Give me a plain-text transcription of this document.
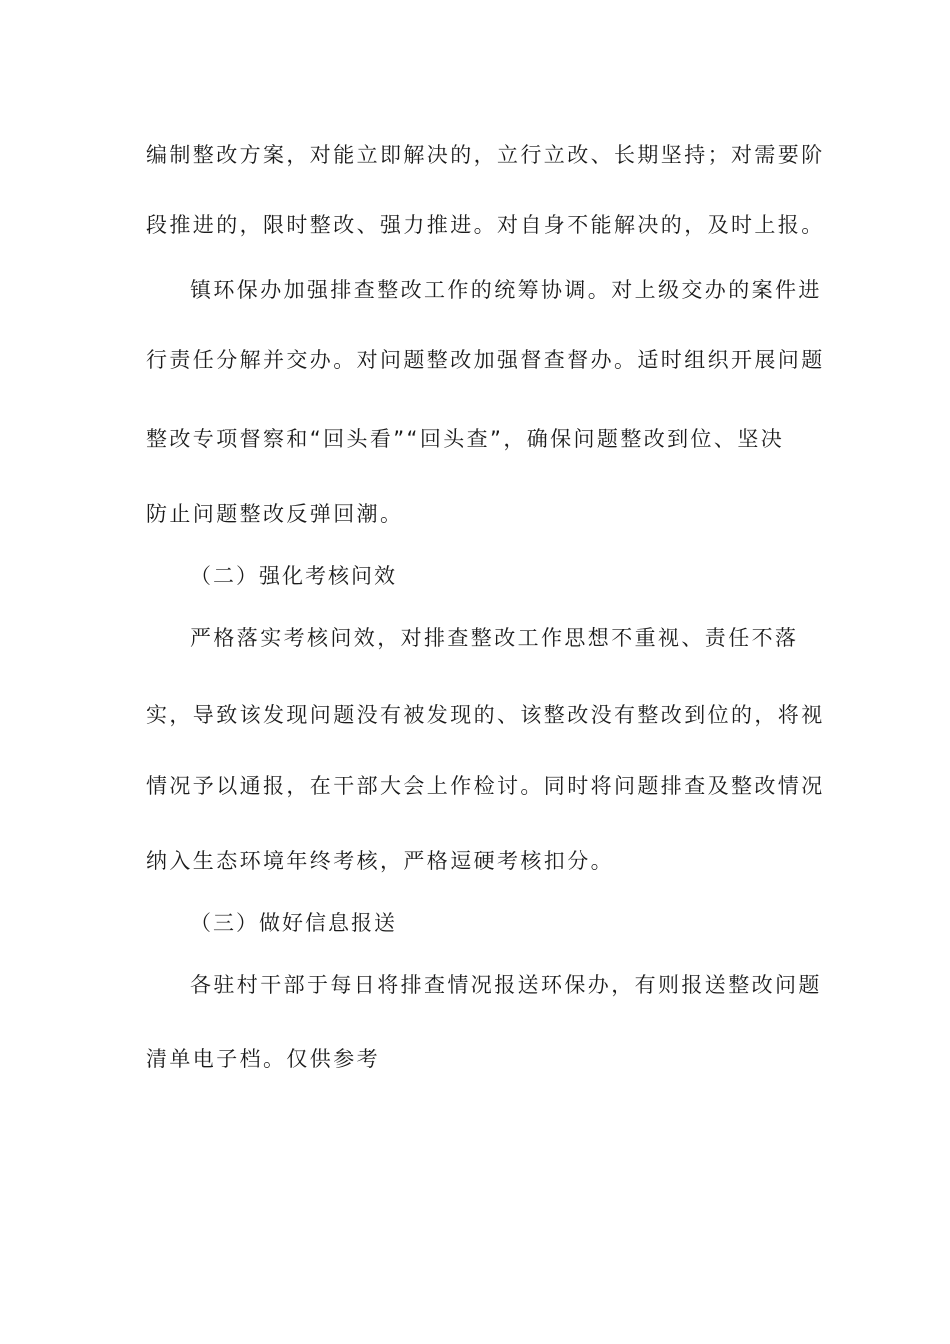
编制整改方案，对能立即解决的，立行立改、长期坚持；对需要阶
段推进的，限时整改、强力推进。对自身不能解决的，及时上报。
镇环保办加强排查整改工作的统筹协调。对上级交办的案件进
行责任分解并交办。对问题整改加强督查督办。适时组织开展问题
整改专项督察和“回头看”“回头查”，确保问题整改到位、坚决
防止问题整改反弹回潮。
（二）强化考核问效
严格落实考核问效，对排查整改工作思想不重视、责任不落
实，导致该发现问题没有被发现的、该整改没有整改到位的，将视
情况予以通报，在干部大会上作检讨。同时将问题排查及整改情况
纳入生态环境年终考核，严格逗硬考核扣分。
（三）做好信息报送
各驻村干部于每日将排查情况报送环保办，有则报送整改问题
清单电子档。仅供参考
